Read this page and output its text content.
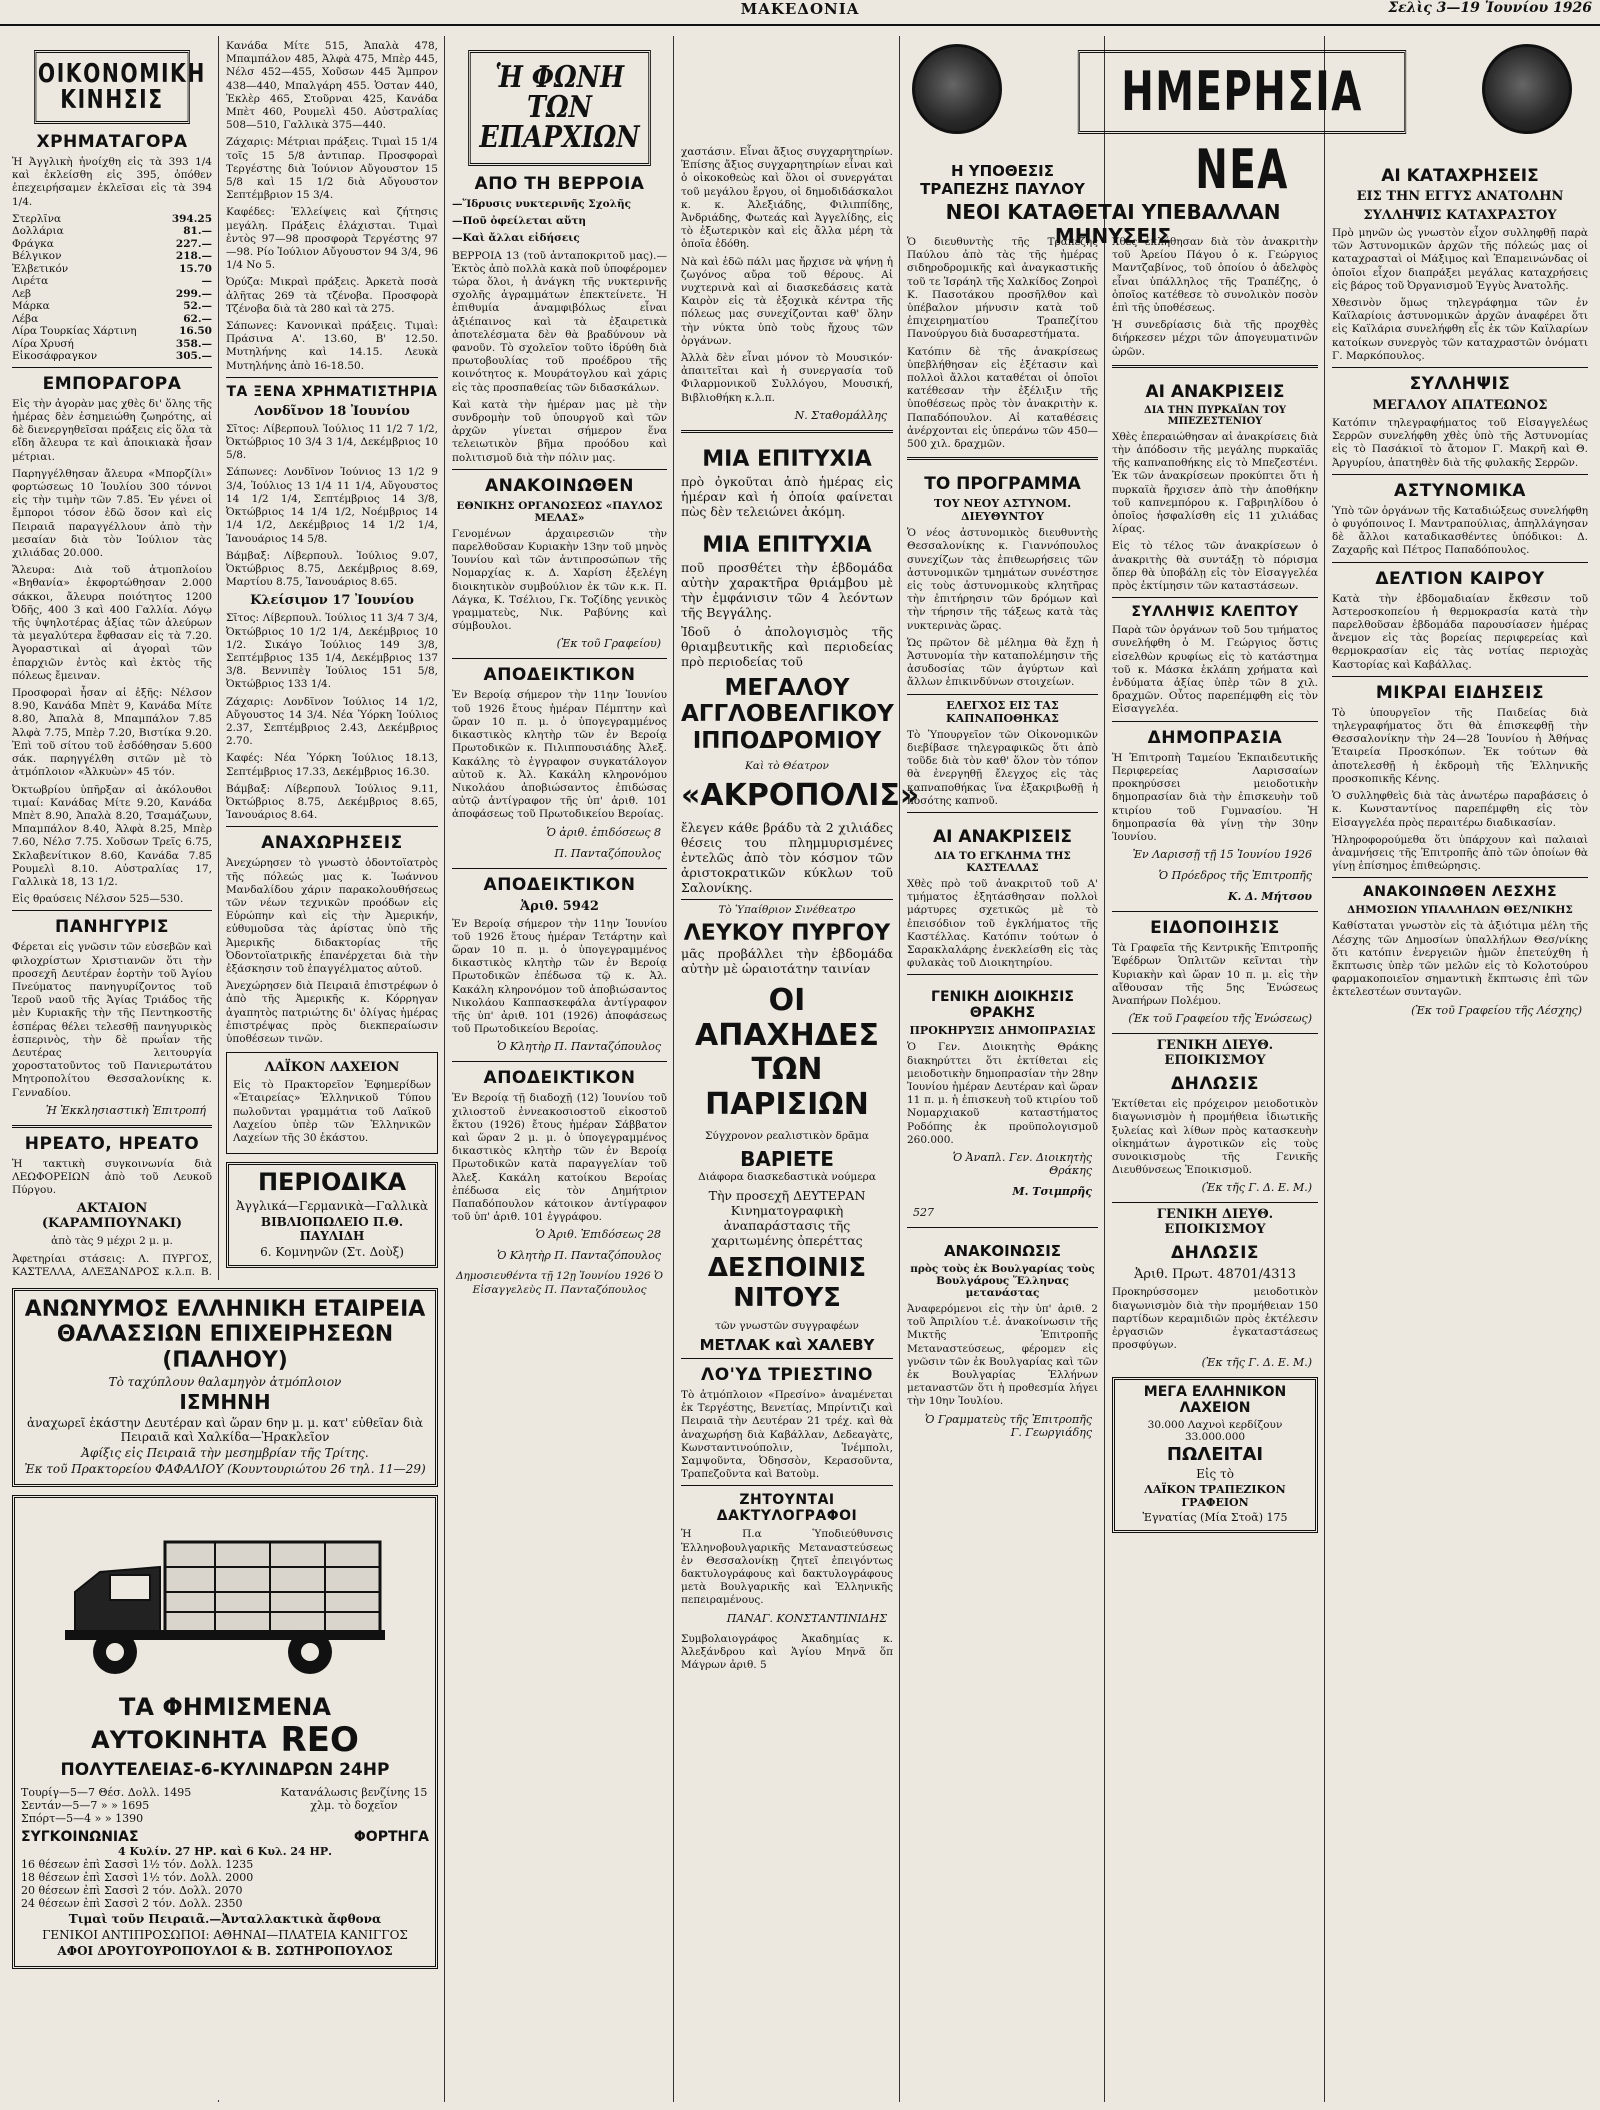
ΜΑΚΕΔΟΝΙΑ	Σελὶς 3—19 Ἰουνίου 1926
ΟΙΚΟΝΟΜΙΚΗ ΚΙΝΗΣΙΣ
ΧΡΗΜΑΤΑΓΟΡΑ

Ἡ Ἀγγλικὴ ἠνοίχθη εἰς τὰ 393 1/4 καὶ ἐκλείσθη εἰς 395, ὁπόθεν ἐπεχειρήσαμεν ἐκλεῖσαι εἰς τὰ 394 1/4.

Στερλῖνα	394.25
Δολλάρια	81.—
Φράγκα	227.—
Βέλγικον	218.—
Ἑλβετικόν	15.70
Λιρέτα	—
Λεβ	299.—
Μάρκα	52.—
Λέβα	62.—
Λίρα Τουρκίας Χάρτινη	16.50
Λίρα Χρυσή	358.—
Εἰκοσάφραγκον	305.—
ΕΜΠΟΡΑΓΟΡΑ

Εἰς τὴν ἀγορὰν μας χθὲς δι' ὅλης τῆς ἡμέρας δὲν ἐσημειώθη ζωηρότης, αἱ δὲ διενεργηθεῖσαι πράξεις εἰς ὅλα τὰ εἴδη ἄλευρα τε καὶ ἀποικιακὰ ἦσαν μέτριαι.

Παρηγγέλθησαν ἄλευρα «Μπορζίλι» φορτώσεως 10 Ἰουλίου 300 τόννοι εἰς τὴν τιμὴν τῶν 7.85. Ἐν γένει οἱ ἔμποροι τόσον ἐδῶ ὅσον καὶ εἰς Πειραιᾶ παραγγέλλουν ἀπὸ τὴν μεσαίαν διὰ τὸν Ἰούλιον τὰς χιλιάδας 20.000.

Ἄλευρα: Διὰ τοῦ ἀτμοπλοίου «Βηθανία» ἐκφορτώθησαν 2.000 σάκκοι, ἄλευρα ποιότητος 1200 Ὀδῆς, 400 3 καὶ 400 Γαλλία. Λόγῳ τῆς ὑψηλοτέρας ἀξίας τῶν ἀλεύρων τὰ μεγαλύτερα ἔφθασαν εἰς τὰ 7.20. Ἀγοραστικαὶ αἱ ἀγοραὶ τῶν ἐπαρχιῶν ἐντὸς καὶ ἐκτὸς τῆς πόλεως ἔμειναν.

Προσφοραὶ ἦσαν αἱ ἑξῆς: Νέλσον 8.90, Κανάδα Μπὲτ 9, Κανάδα Μίτε 8.80, Ἀπαλὰ 8, Μπαμπάλον 7.85 Ἀλφὰ 7.75, Μπὲρ 7.20, Βιστίκα 9.20. Ἐπὶ τοῦ σίτου τοῦ ἐσδόθησαν 5.600 σάκ. παρηγγέλθη σιτῶν μὲ τὸ ἀτμόπλοιον «Ἀλκυὼν» 45 τόν.

Ὀκτωβρίου ὑπῆρξαν αἱ ἀκόλουθοι τιμαί: Κανάδας Μίτε 9.20, Κανάδα Μπὲτ 8.90, Ἀπαλὰ 8.20, Τσαμάζωυν, Μπαμπάλον 8.40, Ἀλφὰ 8.25, Μπὲρ 7.60, Νέλσ 7.75. Χοῦσων Τρεῖς 6.75, Σκλαβενίτικον 8.60, Κανάδα 7.85 Ρουμελὶ 8.10. Αὐστραλίας 17, Γαλλικὰ 18, 13 1/2.

Εἰς θραύσεις Νέλσον 525—530.

ΠΑΝΗΓΥΡΙΣ

Φέρεται εἰς γνῶσιν τῶν εὐσεβῶν καὶ φιλοχρίστων Χριστιανῶν ὅτι τὴν προσεχῆ Δευτέραν ἑορτὴν τοῦ Ἁγίου Πνεύματος πανηγυρίζοντος τοῦ Ἱεροῦ ναοῦ τῆς Ἁγίας Τριάδος τῆς μὲν Κυριακῆς τὴν τῆς Πεντηκοστῆς ἑσπέρας θέλει τελεσθῇ πανηγυρικὸς ἑσπερινὸς, τὴν δὲ πρωΐαν τῆς Δευτέρας λειτουργία χοροστατοῦντος τοῦ Πανιερωτάτου Μητροπολίτου Θεσσαλονίκης κ. Γενναδίου.

Ἡ Ἐκκλησιαστικὴ Ἐπιτροπή
ΗΡΕΑΤΟ, ΗΡΕΑΤΟ

Ἡ τακτικὴ συγκοινωνία διὰ ΛΕΩΦΟΡΕΙΩΝ ἀπὸ τοῦ Λευκοῦ Πύργου.

ΑΚΤΑΙΟΝ (ΚΑΡΑΜΠΟΥΝΑΚΙ)

ἀπὸ τὰς 9 μέχρι 2 μ. μ.

Ἀφετηρίαι στάσεις: Λ. ΠΥΡΓΟΣ, ΚΑΣΤΕΛΛΑ, ΑΛΕΞΑΝΔΡΟΣ κ.λ.π. Β.

Κανάδα Μίτε 515, Ἀπαλὰ 478, Μπαμπάλον 485, Ἀλφὰ 475, Μπὲρ 445, Νέλσ 452—455, Χοῦσων 445 Ἄμπρον 438—440, Μπαλγάρη 455. Ὁσταν 440, Ἐκλὲρ 465, Στοῦρναι 425, Κανάδα Μπὲτ 460, Ρουμελὶ 450. Αὐστραλίας 508—510, Γαλλικὰ 375—440.

Ζάχαρις: Μέτριαι πράξεις. Τιμαὶ 15 1/4 τοῖς 15 5/8 ἀντιπαρ. Προσφοραὶ Τεργέστης διὰ Ἰούνιον Αὔγουστον 15 5/8 καὶ 15 1/2 διὰ Αὔγουστον Σεπτέμβριον 15 3/4.

Καφέδες: Ἐλλείψεις καὶ ζήτησις μεγάλη. Πράξεις ἐλάχισται. Τιμαὶ ἐντὸς 97—98 προσφορὰ Τεργέστης 97—98. Ρίο Ἰούλιον Αὔγουστον 94 3/4, 96 1/4 Νο 5.

Ὀρύζα: Μικραὶ πράξεις. Ἀρκετὰ ποσὰ ἀλῆτας 269 τὰ τζένοβα. Προσφορὰ Τζένοβα διὰ τὰ 280 καὶ τὰ 275.

Σάπωνες: Κανονικαὶ πράξεις. Τιμαὶ: Πράσινα Α'. 13.60, Β' 12.50. Μυτηλήνης καὶ 14.15. Λευκὰ Μυτηλήνης ἀπὸ 16-18.50.

ΤΑ ΞΕΝΑ ΧΡΗΜΑΤΙΣΤΗΡΙΑ
Λονδῖνον 18 Ἰουνίου

Σῖτος: Λίβερπουλ Ἰούλιος 11 1/2 7 1/2, Ὀκτώβριος 10 3/4 3 1/4, Δεκέμβριος 10 5/8.

Σάπωνες: Λονδῖνον Ἰούνιος 13 1/2 9 3/4, Ἰούλιος 13 1/4 11 1/4, Αὔγουστος 14 1/2 1/4, Σεπτέμβριος 14 3/8, Ὀκτώβριος 14 1/4 1/2, Νοέμβριος 14 1/4 1/2, Δεκέμβριος 14 1/2 1/4, Ἰανουάριος 14 5/8.

Βάμβαξ: Λίβερπουλ. Ἰούλιος 9.07, Ὀκτώβριος 8.75, Δεκέμβριος 8.69, Μαρτίου 8.75, Ἰανουάριος 8.65.

Κλείσιμον 17 Ἰουνίου

Σῖτος: Λίβερπουλ. Ἰούλιος 11 3/4 7 3/4, Ὀκτώβριος 10 1/2 1/4, Δεκέμβριος 10 1/2. Σικάγο Ἰούλιος 149 3/8, Σεπτέμβριος 135 1/4, Δεκέμβριος 137 3/8. Βεννιπὲγ Ἰούλιος 151 5/8, Ὀκτώβριος 133 1/4.

Ζάχαρις: Λονδῖνον Ἰούλιος 14 1/2, Αὔγουστος 14 3/4. Νέα Ὑόρκη Ἰούλιος 2.37, Σεπτέμβριος 2.43, Δεκέμβριος 2.70.

Καφές: Νέα Ὑόρκη Ἰούλιος 18.13, Σεπτέμβριος 17.33, Δεκέμβριος 16.30.

Βάμβαξ: Λίβερπουλ Ἰούλιος 9.11, Ὀκτώβριος 8.75, Δεκέμβριος 8.65, Ἰανουάριος 8.64.

ΑΝΑΧΩΡΗΣΕΙΣ

Ἀνεχώρησεν τὸ γνωστὸ ὁδοντοϊατρὸς τῆς πόλεώς μας κ. Ἰωάννου Μανδαλίδου χάριν παρακολουθήσεως τῶν νέων τεχνικῶν προόδων εἰς Εὐρώπην καὶ εἰς τὴν Ἀμερικήν, εὐθυμοῦσα τὰς ἀρίστας ὑπὸ τῆς Ἀμερικῆς διδακτορίας τῆς Ὀδοντοϊατρικῆς ἐπανέρχεται διὰ τὴν ἐξάσκησιν τοῦ ἐπαγγέλματος αὐτοῦ.

Ἀνεχώρησεν διὰ Πειραιᾶ ἐπιστρέφων ὁ ἀπὸ τῆς Ἀμερικῆς κ. Κόρρηγαν ἀγαπητὸς πατριώτης δι' ὀλίγας ἡμέρας ἐπιστρέψας πρὸς διεκπεραίωσιν ὑποθέσεων τινῶν.

ΛΑΪΚΟΝ ΛΑΧΕΙΟΝ

Εἰς τὸ Πρακτορεῖον Ἐφημερίδων «Ἑταιρείας» Ἑλληνικοῦ Τύπου πωλοῦνται γραμμάτια τοῦ Λαϊκοῦ Λαχείου ὑπὲρ τῶν Ἑλληνικῶν Λαχείων τῆς 30 ἐκάστου.

ΠΕΡΙΟΔΙΚΑ
Ἀγγλικά—Γερμανικὰ—Γαλλικὰ
ΒΙΒΛΙΟΠΩΛΕΙΟ Π.Θ. ΠΑΥΛΙΔΗ
6. Κομνηνῶν (Στ. Δοὺξ)
ΑΝΩΝΥΜΟΣ ΕΛΛΗΝΙΚΗ ΕΤΑΙΡΕΙΑ ΘΑΛΑΣΣΙΩΝ ΕΠΙΧΕΙΡΗΣΕΩΝ (ΠΑΛΗΟΥ)
Τὸ ταχύπλουν θαλαμηγὸν ἀτμόπλοιον
ΙΣΜΗΝΗ
ἀναχωρεῖ ἑκάστην Δευτέραν καὶ ὥραν 6ην μ. μ. κατ' εὐθεῖαν διὰ Πειραιᾶ καὶ Χαλκίδα—Ἠρακλεῖον
Ἀφίξις εἰς Πειραιᾶ τὴν μεσημβρίαν τῆς Τρίτης.
Ἐκ τοῦ Πρακτορείου ΦΑΦΑΛΙΟΥ (Κουντουριώτου 26 τηλ. 11—29)
ΤΑ ΦΗΜΙΣΜΕΝΑ
ΑΥΤΟΚΙΝΗΤΑ REO
ΠΟΛΥΤΕΛΕΙΑΣ-6-ΚΥΛΙΝΔΡΩΝ 24HP
Τουρίγ—5—7 Θέσ. Δολλ. 1495
Σεντάν—5—7 » » 1695
Σπόρτ—5—4 » » 1390
Κατανάλωσις βενζίνης 15 χλμ. τὸ δοχεῖον
ΣΥΓΚΟΙΝΩΝΙΑΣ	ΦΟΡΤΗΓΑ
4 Κυλίν. 27 ΗΡ. καὶ 6 Κυλ. 24 ΗΡ.
16 θέσεων ἐπὶ Σασσὶ 1½ τόν. Δολλ. 1235
18 θέσεων ἐπὶ Σασσὶ 1½ τόν. Δολλ. 2000
20 θέσεων ἐπὶ Σασσὶ 2 τόν. Δολλ. 2070
24 θέσεων ἐπὶ Σασσὶ 2 τόν. Δολλ. 2350
Τιμαὶ τοῦν Πειραιᾶ.—Ἀνταλλακτικὰ ἄφθονα
ΓΕΝΙΚΟΙ ΑΝΤΙΠΡΟΣΩΠΟΙ: ΑΘΗΝΑΙ—ΠΛΑΤΕΙΑ ΚΑΝΙΓΓΟΣ
ΑΦΟΙ ΔΡΟΥΓΟΥΡΟΠΟΥΛΟΙ & Β. ΣΩΤΗΡΟΠΟΥΛΟΣ
Ἡ ΦΩΝΗ ΤΩΝ ΕΠΑΡΧΙΩΝ
ΑΠΟ ΤΗ ΒΕΡΡΟΙΑ
—Ἵδρυσις νυκτερινῆς Σχολῆς
—Ποῦ ὀφείλεται αὕτη
—Καὶ ἄλλαι εἰδήσεις

ΒΕΡΡΟΙΑ 13 (τοῦ ἀνταποκριτοῦ μας).—Ἐκτὸς ἀπὸ πολλὰ κακὰ ποῦ ὑποφέρομεν τώρα ὅλοι, ἡ ἀνάγκη τῆς νυκτερινῆς σχολῆς ἀγραμμάτων ἐπεκτείνετε. Ἡ ἐπιθυμία ἀναμφιβόλως εἶναι ἀξιέπαινος καὶ τὰ ἐξαιρετικὰ ἀποτελέσματα δὲν θὰ βραδύνουν νὰ φανοῦν. Τὸ σχολεῖον τοῦτο ἱδρύθη διὰ πρωτοβουλίας τοῦ προέδρου τῆς κοινότητος κ. Μουράτογλου καὶ χάρις εἰς τὰς προσπαθείας τῶν διδασκάλων.

Καὶ κατὰ τὴν ἡμέραν μας μὲ τὴν συνδρομὴν τοῦ ὑπουργοῦ καὶ τῶν ἀρχῶν γίνεται σήμερον ἕνα τελειωτικὸν βῆμα προόδου καὶ πολιτισμοῦ διὰ τὴν πόλιν μας.

ΑΝΑΚΟΙΝΩΘΕΝ
ΕΘΝΙΚΗΣ ΟΡΓΑΝΩΣΕΩΣ «ΠΑΥΛΟΣ ΜΕΛΑΣ»

Γενομένων ἀρχαιρεσιῶν τὴν παρελθοῦσαν Κυριακὴν 13ην τοῦ μηνὸς Ἰουνίου καὶ τῶν ἀντιπροσώπων τῆς Νομαρχίας κ. Δ. Χαρίση ἐξελέγη διοικητικὸν συμβούλιον ἐκ τῶν κ.κ. Π. Λάγκα, Κ. Τσέλιου, Γκ. Τοζίδης γενικὸς γραμματεὺς, Νικ. Ραβύνης καὶ σύμβουλοι.

(Ἐκ τοῦ Γραφείου)
ΑΠΟΔΕΙΚΤΙΚΟΝ

Ἐν Βεροίᾳ σήμερον τὴν 11ην Ἰουνίου τοῦ 1926 ἔτους ἡμέραν Πέμπτην καὶ ὥραν 10 π. μ. ὁ ὑπογεγραμμένος δικαστικὸς κλητὴρ τῶν ἐν Βεροίᾳ Πρωτοδικῶν κ. Πιλιππουσιάδης Ἀλεξ. Κακάλης τὸ ἐγγραφον συγκατάλογον αὐτοῦ κ. Ἀλ. Κακάλη κληρονόμου Νικολάου ἀποβιώσαντος ἐπιδώσας αὐτῷ ἀντίγραφον τῆς ὑπ' ἀριθ. 101 ἀποφάσεως τοῦ Πρωτοδικείου Βεροίας.

Ὁ ἀριθ. ἐπιδόσεως 8
Π. Πανταζόπουλος
ΑΠΟΔΕΙΚΤΙΚΟΝ
Ἀριθ. 5942

Ἐν Βεροίᾳ σήμερον τὴν 11ην Ἰουνίου τοῦ 1926 ἔτους ἡμέραν Τετάρτην καὶ ὥραν 10 π. μ. ὁ ὑπογεγραμμένος δικαστικὸς κλητὴρ τῶν ἐν Βεροίᾳ Πρωτοδικῶν ἐπέδωσα τῷ κ. Ἀλ. Κακάλη κληρονόμον τοῦ ἀποβιώσαντος Νικολάου Καππασκεφάλα ἀντίγραφον τῆς ὑπ' ἀριθ. 101 (1926) ἀποφάσεως τοῦ Πρωτοδικείου Βεροίας.

Ὁ Κλητὴρ Π. Πανταζόπουλος
ΑΠΟΔΕΙΚΤΙΚΟΝ

Ἐν Βεροίᾳ τῇ διαδοχῇ (12) Ἰουνίου τοῦ χιλιοστοῦ ἐννεακοσιοστοῦ εἰκοστοῦ ἕκτου (1926) ἔτους ἡμέραν Σάββατον καὶ ὥραν 2 μ. μ. ὁ ὑπογεγραμμένος δικαστικὸς κλητὴρ τῶν ἐν Βεροίᾳ Πρωτοδικῶν κατὰ παραγγελίαν τοῦ Ἀλεξ. Κακάλη κατοίκου Βεροίας ἐπέδωσα εἰς τὸν Δημήτριον Παπαδόπουλον κάτοικον ἀντίγραφον τοῦ ὑπ' ἀριθ. 101 ἐγγράφου.

Ὁ Ἀριθ. Ἐπιδόσεως 28
Ὁ Κλητὴρ Π. Πανταζόπουλος

Δημοσιευθέντα τῇ 12ῃ Ἰουνίου 1926 Ὁ Εἰσαγγελεὺς Π. Πανταζόπουλος

χαστάσιν. Εἶναι ἄξιος συγχαρητηρίων. Ἐπίσης ἄξιος συγχαρητηρίων εἶναι καὶ ὁ οἰκοκοθεὼς καὶ ὅλοι οἱ συνεργάται τοῦ μεγάλου ἔργου, οἱ δημοδιδάσκαλοι κ. κ. Ἀλεξιάδης, Φιλιππίδης, Ἀνδριάδης, Φωτεάς καὶ Ἀγγελίδης, εἰς τὸ ἐξωτερικὸν καὶ εἰς ἄλλα μέρη τὰ ὁποῖα ἐδόθη.

Νὰ καὶ ἐδῶ πάλι μας ἤρχισε νὰ ψήνῃ ἡ ζωγόνος αὔρα τοῦ θέρους. Αἱ νυχτερινὰ καὶ αἱ διασκεδάσεις κατὰ Καιρὸν εἰς τὰ ἐξοχικὰ κέντρα τῆς πόλεως μας συνεχίζονται καθ' ὅλην τὴν νύκτα ὑπὸ τοὺς ἤχους τῶν ὀργάνων.

Ἀλλὰ δὲν εἶναι μόνον τὸ Μουσικόν· ἀπαιτεῖται καὶ ἡ συνεργασία τοῦ Φιλαρμονικοῦ Συλλόγου, Μουσική, Βιβλιοθήκη κ.λ.π.

Ν. Σταθομάλλης
ΜΙΑ ΕΠΙΤΥΧΙΑ

πρὸ ὀγκοῦται ἀπὸ ἡμέρας εἰς ἡμέραν καὶ ἡ ὁποία φαίνεται πὼς δὲν τελειώνει ἀκόμη.

ΜΙΑ ΕΠΙΤΥΧΙΑ

ποῦ προσθέτει τὴν ἑβδομάδα αὐτὴν χαρακτῆρα θριάμβου μὲ τὴν ἐμφάνισιν τῶν 4 λεόντων τῆς Βεγγάλης.

Ἰδοῦ ὁ ἀπολογισμὸς τῆς θριαμβευτικῆς καὶ περιοδείας πρὸ περιοδείας τοῦ

ΜΕΓΑΛΟΥ ΑΓΓΛΟΒΕΛΓΙΚΟΥ ΙΠΠΟΔΡΟΜΙΟΥ

Καὶ τὸ Θέατρον

«ΑΚΡΟΠΟΛΙΣ»

ἔλεγεν κάθε βράδυ τὰ 2 χιλιάδες θέσεις του πλημμυρισμένες ἐντελῶς ἀπὸ τὸν κόσμον τῶν ἀριστοκρατικῶν κύκλων τοῦ Σαλονίκης.

Τὸ Ὑπαίθριον Σινέθεατρο

ΛΕΥΚΟΥ ΠΥΡΓΟΥ

μᾶς προβάλλει τὴν ἑβδομάδα αὐτὴν μὲ ὡραιοτάτην ταινίαν

ΟΙ ΑΠΑΧΗΔΕΣ ΤΩΝ ΠΑΡΙΣΙΩΝ

Σύγχρονον ρεαλιστικὸν δρᾶμα

ΒΑΡΙΕΤΕ

Διάφορα διασκεδαστικὰ νούμερα

Τὴν προσεχῆ ΔΕΥΤΕΡΑΝ Κινηματογραφικὴ ἀναπαράστασις τῆς χαριτωμένης ὀπερέττας

ΔΕΣΠΟΙΝΙΣ ΝΙΤΟΥΣ

τῶν γνωστῶν συγγραφέων

ΜΕΤΛΑΚ καὶ ΧΑΛΕΒΥ
ΛΟ'ΥΔ ΤΡΙΕΣΤΙΝΟ

Τὸ ἀτμόπλοιον «Πρεσίνο» ἀναμένεται ἐκ Τεργέστης, Βενετίας, Μπρίντιζι καὶ Πειραιᾶ τὴν Δευτέραν 21 τρέχ. καὶ θὰ ἀναχωρήσῃ διὰ Καβάλλαν, Δεδεαγὰτς, Κωνσταντινούπολιν, Ἰνέμπολι, Σαμψοῦντα, Ὀδησσὸν, Κερασοῦντα, Τραπεζοῦντα καὶ Βατοὺμ.

ΖΗΤΟΥΝΤΑΙ ΔΑΚΤΥΛΟΓΡΑΦΟΙ

Ἡ Π.α Ὑποδιεύθυνσις Ἑλληνοβουλγαρικῆς Μεταναστεύσεως ἐν Θεσσαλονίκῃ ζητεῖ ἐπειγόντως δακτυλογράφους καὶ δακτυλογράφους μετὰ Βουλγαρικῆς καὶ Ἑλληνικῆς πεπειραμένους.

ΠΑΝΑΓ. ΚΟΝΣΤΑΝΤΙΝΙΔΗΣ

Συμβολαιογράφος Ἀκαδημίας κ. Ἀλεξάνδρου καὶ Ἁγίου Μηνᾶ ὅπ Μάγρων ἀριθ. 5

ΗΜΕΡΗΣΙΑ ΝΕΑ
Η ΥΠΟΘΕΣΙΣ ΤΡΑΠΕΖΗΣ ΠΑΥΛΟΥ
ΝΕΟΙ ΚΑΤΑΘΕΤΑΙ ΥΠΕΒΑΛΛΑΝ ΜΗΝΥΣΕΙΣ

Ὁ διευθυντὴς τῆς Τραπέζης Παύλου ἀπὸ τὰς τῆς ἡμέρας σιδηροδρομικῆς καὶ ἀναγκαστικῆς τοῦ τε Ἰσράηλ τῆς Χαλκίδος Ζοηροὶ Κ. Πασοτάκου προσῆλθον καὶ ὑπέβαλον μήνυσιν κατὰ τοῦ ἐπιχειρηματίου Τραπεζίτου Πανούργου διὰ δυσαρεστήματα.

Κατόπιν δὲ τῆς ἀνακρίσεως ὑπεβλήθησαν εἰς ἐξέτασιν καὶ πολλοὶ ἄλλοι καταθέται οἱ ὁποῖοι κατέθεσαν τὴν ἐξέλιξιν τῆς ὑποθέσεως πρὸς τὸν ἀνακριτὴν κ. Παπαδόπουλον. Αἱ καταθέσεις ἀνέρχονται εἰς ὑπεράνω τῶν 450—500 χιλ. δραχμῶν.

ΤΟ ΠΡΟΓΡΑΜΜΑ
ΤΟΥ ΝΕΟΥ ΑΣΤΥΝΟΜ. ΔΙΕΥΘΥΝΤΟΥ

Ὁ νέος ἀστυνομικὸς διευθυντὴς Θεσσαλονίκης κ. Γιαννόπουλος συνεχίζων τὰς ἐπιθεωρήσεις τῶν ἀστυνομικῶν τμημάτων συνέστησε εἰς τοὺς ἀστυνομικοὺς κλητῆρας τὴν ἐπιτήρησιν τῶν δρόμων καὶ τὴν τήρησιν τῆς τάξεως κατὰ τὰς νυκτερινὰς ὥρας.

Ὡς πρῶτον δὲ μέλημα θὰ ἔχῃ ἡ Ἀστυνομία τὴν καταπολέμησιν τῆς ἀσυδοσίας τῶν ἀγύρτων καὶ ἄλλων ἐπικινδύνων στοιχείων.

ΕΛΕΓΧΟΣ ΕΙΣ ΤΑΣ ΚΑΠΝΑΠΟΘΗΚΑΣ

Τὸ Ὑπουργεῖον τῶν Οἰκονομικῶν διεβίβασε τηλεγραφικῶς ὅτι ἀπὸ τοῦδε διὰ τὸν καθ' ὅλον τὸν τόπον θὰ ἐνεργηθῇ ἔλεγχος εἰς τὰς καπναποθήκας ἵνα ἐξακριβωθῇ ἡ ποσότης καπνοῦ.

ΑΙ ΑΝΑΚΡΙΣΕΙΣ
ΔΙΑ ΤΟ ΕΓΚΛΗΜΑ ΤΗΣ ΚΑΣΤΕΛΛΑΣ

Χθὲς πρὸ τοῦ ἀνακριτοῦ τοῦ Α' τμήματος ἐξητάσθησαν πολλοὶ μάρτυρες σχετικῶς μὲ τὸ ἐπεισόδιον τοῦ ἐγκλήματος τῆς Καστέλλας. Κατόπιν τούτων ὁ Σαρακλαλάρης ἐνεκλείσθη εἰς τὰς φυλακὰς τοῦ Διοικητηρίου.

ΓΕΝΙΚΗ ΔΙΟΙΚΗΣΙΣ ΘΡΑΚΗΣ
ΠΡΟΚΗΡΥΞΙΣ ΔΗΜΟΠΡΑΣΙΑΣ

Ὁ Γεν. Διοικητὴς Θράκης διακηρύττει ὅτι ἐκτίθεται εἰς μειοδοτικὴν δημοπρασίαν τὴν 28ην Ἰουνίου ἡμέραν Δευτέραν καὶ ὥραν 11 π. μ. ἡ ἐπισκευὴ τοῦ κτιρίου τοῦ Νομαρχιακοῦ καταστήματος Ροδόπης ἐκ προϋπολογισμοῦ 260.000.

Ὁ Ἀναπλ. Γεν. Διοικητὴς Θράκης
Μ. Τσιμπρῆς
527
ΑΝΑΚΟΙΝΩΣΙΣ
πρὸς τοὺς ἐκ Βουλγαρίας τοὺς Βουλγάρους Ἕλληνας μετανάστας

Ἀναφερόμενοι εἰς τὴν ὑπ' ἀριθ. 2 τοῦ Ἀπριλίου τ.ἐ. ἀνακοίνωσιν τῆς Μικτῆς Ἐπιτροπῆς Μεταναστεύσεως, φέρομεν εἰς γνῶσιν τῶν ἐκ Βουλγαρίας καὶ τῶν ἐκ Βουλγαρίας Ἑλλήνων μεταναστῶν ὅτι ἡ προθεσμία λήγει τὴν 10ην Ἰουλίου.

Ὁ Γραμματεὺς τῆς Ἐπιτροπῆς Γ. Γεωργιάδης

Χθὲς ἐκλήθησαν διὰ τὸν ἀνακριτὴν τοῦ Ἀρείου Πάγου ὁ κ. Γεώργιος Μαντζαβίνος, τοῦ ὁποίου ὁ ἀδελφὸς εἶναι ὑπάλληλος τῆς Τραπέζης, ὁ ὁποῖος κατέθεσε τὸ συνολικὸν ποσὸν ἐπὶ τῆς ὑποθέσεως.

Ἡ συνεδρίασις διὰ τῆς προχθὲς διήρκεσεν μέχρι τῶν ἀπογευματινῶν ὡρῶν.

ΑΙ ΑΝΑΚΡΙΣΕΙΣ
ΔΙΑ ΤΗΝ ΠΥΡΚΑΪΑΝ ΤΟΥ ΜΠΕΖΕΣΤΕΝΙΟΥ

Χθὲς ἐπεραιώθησαν αἱ ἀνακρίσεις διὰ τὴν ἀπόδοσιν τῆς μεγάλης πυρκαϊᾶς τῆς καπναποθήκης εἰς τὸ Μπεζεστένι. Ἐκ τῶν ἀνακρίσεων προκύπτει ὅτι ἡ πυρκαϊὰ ἤρχισεν ἀπὸ τὴν ἀποθήκην τοῦ καπνεμπόρου κ. Γαβριηλίδου ὁ ὁποῖος ἠσφαλίσθη εἰς 11 χιλιάδας λίρας.

Εἰς τὸ τέλος τῶν ἀνακρίσεων ὁ ἀνακριτὴς θὰ συντάξῃ τὸ πόρισμα ὅπερ θὰ ὑποβάλῃ εἰς τὸν Εἰσαγγελέα πρὸς ἐκτίμησιν τῶν καταστάσεων.

ΣΥΛΛΗΨΙΣ ΚΛΕΠΤΟΥ

Παρὰ τῶν ὀργάνων τοῦ 5ου τμήματος συνελήφθη ὁ Μ. Γεώργιος ὅστις εἰσελθὼν κρυφίως εἰς τὸ κατάστημα τοῦ κ. Μάσκα ἐκλάπη χρήματα καὶ ἐνδύματα ἀξίας ὑπὲρ τῶν 8 χιλ. δραχμῶν. Οὗτος παρεπέμφθη εἰς τὸν Εἰσαγγελέα.

ΔΗΜΟΠΡΑΣΙΑ

Ἡ Ἐπιτροπὴ Ταμείου Ἐκπαιδευτικῆς Περιφερείας Λαρισσαίων προκηρύσσει μειοδοτικὴν δημοπρασίαν διὰ τὴν ἐπισκευὴν τοῦ κτιρίου τοῦ Γυμνασίου. Ἡ δημοπρασία θὰ γίνῃ τὴν 30ην Ἰουνίου.

Ἐν Λαρισσῇ τῇ 15 Ἰουνίου 1926
Ὁ Πρόεδρος τῆς Ἐπιτροπῆς
Κ. Δ. Μήτσου
ΕΙΔΟΠΟΙΗΣΙΣ

Τὰ Γραφεῖα τῆς Κεντρικῆς Ἐπιτροπῆς Ἐφέδρων Ὁπλιτῶν κεῖνται τὴν Κυριακὴν καὶ ὥραν 10 π. μ. εἰς τὴν αἴθουσαν τῆς 5ης Ἑνώσεως Ἀναπήρων Πολέμου.

(Ἐκ τοῦ Γραφείου τῆς Ἑνώσεως)
ΓΕΝΙΚΗ ΔΙΕΥΘ. ΕΠΟΙΚΙΣΜΟΥ
ΔΗΛΩΣΙΣ

Ἐκτίθεται εἰς πρόχειρον μειοδοτικὸν διαγωνισμὸν ἡ προμήθεια ἰδιωτικῆς ξυλείας καὶ λίθων πρὸς κατασκευὴν οἰκημάτων ἀγροτικῶν εἰς τοὺς συνοικισμοὺς τῆς Γενικῆς Διευθύνσεως Ἐποικισμοῦ.

(Ἐκ τῆς Γ. Δ. Ε. Μ.)
ΓΕΝΙΚΗ ΔΙΕΥΘ. ΕΠΟΙΚΙΣΜΟΥ
ΔΗΛΩΣΙΣ
Ἀριθ. Πρωτ. 48701/4313

Προκηρύσσομεν μειοδοτικὸν διαγωνισμὸν διὰ τὴν προμήθειαν 150 παρτίδων κεραμιδιῶν πρὸς ἐκτέλεσιν ἐργασιῶν ἐγκαταστάσεως προσφύγων.

(Ἐκ τῆς Γ. Δ. Ε. Μ.)
ΜΕΓΑ ΕΛΛΗΝΙΚΟΝ ΛΑΧΕΙΟΝ
30.000 Λαχνοὶ κερδίζουν 33.000.000
ΠΩΛΕΙΤΑΙ
Εἰς τὸ
ΛΑΪΚΟΝ ΤΡΑΠΕΖΙΚΟΝ ΓΡΑΦΕΙΟΝ
Ἐγνατίας (Μία Στοᾶ) 175
ΑΙ ΚΑΤΑΧΡΗΣΕΙΣ
ΕΙΣ ΤΗΝ ΕΓΓΥΣ ΑΝΑΤΟΛΗΝ
ΣΥΛΛΗΨΙΣ ΚΑΤΑΧΡΑΣΤΟΥ

Πρὸ μηνῶν ὡς γνωστὸν εἶχον συλληφθῇ παρὰ τῶν Ἀστυνομικῶν ἀρχῶν τῆς πόλεώς μας οἱ καταχρασταὶ οἱ Μάξιμος καὶ Ἐπαμεινώνδας οἱ ὁποῖοι εἶχον διαπράξει μεγάλας καταχρήσεις εἰς βάρος τοῦ Ὀργανισμοῦ Ἐγγὺς Ἀνατολῆς.

Χθεσινὸν ὅμως τηλεγράφημα τῶν ἐν Καϊλαρίοις ἀστυνομικῶν ἀρχῶν ἀναφέρει ὅτι εἰς Καϊλάρια συνελήφθη εἷς ἐκ τῶν Καϊλαρίων κατοίκων συνεργὸς τῶν καταχραστῶν ὀνόματι Γ. Μαρκόπουλος.

ΣΥΛΛΗΨΙΣ
ΜΕΓΑΛΟΥ ΑΠΑΤΕΩΝΟΣ

Κατόπιν τηλεγραφήματος τοῦ Εἰσαγγελέως Σερρῶν συνελήφθη χθὲς ὑπὸ τῆς Ἀστυνομίας εἰς τὸ Πασάκιοϊ τὸ ἄτομον Γ. Μακρῆ καὶ Θ. Ἀργυρίου, ἀπατηθὲν διὰ τῆς φυλακῆς Σερρῶν.

ΑΣΤΥΝΟΜΙΚΑ

Ὑπὸ τῶν ὀργάνων τῆς Καταδιώξεως συνελήφθη ὁ φυγόποινος Ι. Μαντραπούλιας, ἀπηλλάγησαν δὲ ἄλλοι καταδικασθέντες ὑπόδικοι: Δ. Ζαχαρῆς καὶ Πέτρος Παπαδόπουλος.

ΔΕΛΤΙΟΝ ΚΑΙΡΟΥ

Κατὰ τὴν ἐβδομαδιαίαν ἔκθεσιν τοῦ Ἀστεροσκοπείου ἡ θερμοκρασία κατὰ τὴν παρελθοῦσαν ἑβδομάδα παρουσίασεν ἡμέρας ἄνεμον εἰς τὰς βορείας περιφερείας καὶ θερμοκρασίαν εἰς τὰς νοτίας περιοχὰς Καστορίας καὶ Καβάλλας.

ΜΙΚΡΑΙ ΕΙΔΗΣΕΙΣ

Τὸ ὑπουργεῖον τῆς Παιδείας διὰ τηλεγραφήματος ὅτι θὰ ἐπισκεφθῇ τὴν Θεσσαλονίκην τὴν 24—28 Ἰουνίου ἡ Ἀθήνας Ἑταιρεία Προσκόπων. Ἐκ τούτων θὰ ἀποτελεσθῇ ἡ ἐκδρομὴ τῆς Ἑλληνικῆς προσκοπικῆς Κένης.

Ὁ συλληφθεὶς διὰ τὰς ἀνωτέρω παραβάσεις ὁ κ. Κωνσταντίνος παρεπέμφθη εἰς τὸν Εἰσαγγελέα πρὸς περαιτέρω διαδικασίαν.

Ἠληροφορούμεθα ὅτι ὑπάρχουν καὶ παλαιαὶ ἀναμνήσεις τῆς Ἐπιτροπῆς ἀπὸ τῶν ὁποίων θὰ γίνῃ ἐπίσημος ἐπιθεώρησις.

ΑΝΑΚΟΙΝΩΘΕΝ ΛΕΣΧΗΣ
ΔΗΜΟΣΙΩΝ ΥΠΑΛΛΗΛΩΝ ΘΕΣ/ΝΙΚΗΣ

Καθίσταται γνωστὸν εἰς τὰ ἀξιότιμα μέλη τῆς Λέσχης τῶν Δημοσίων ὑπαλλήλων Θεσ/νίκης ὅτι κατόπιν ἐνεργειῶν ἡμῶν ἐπετεύχθη ἡ ἔκπτωσις ὑπὲρ τῶν μελῶν εἰς τὸ Κολοτούρου φαρμακοποιεῖον σημαντικὴ ἔκπτωσις ἐπὶ τῶν ἐκτελεστέων συνταγῶν.

(Ἐκ τοῦ Γραφείου τῆς Λέσχης)
